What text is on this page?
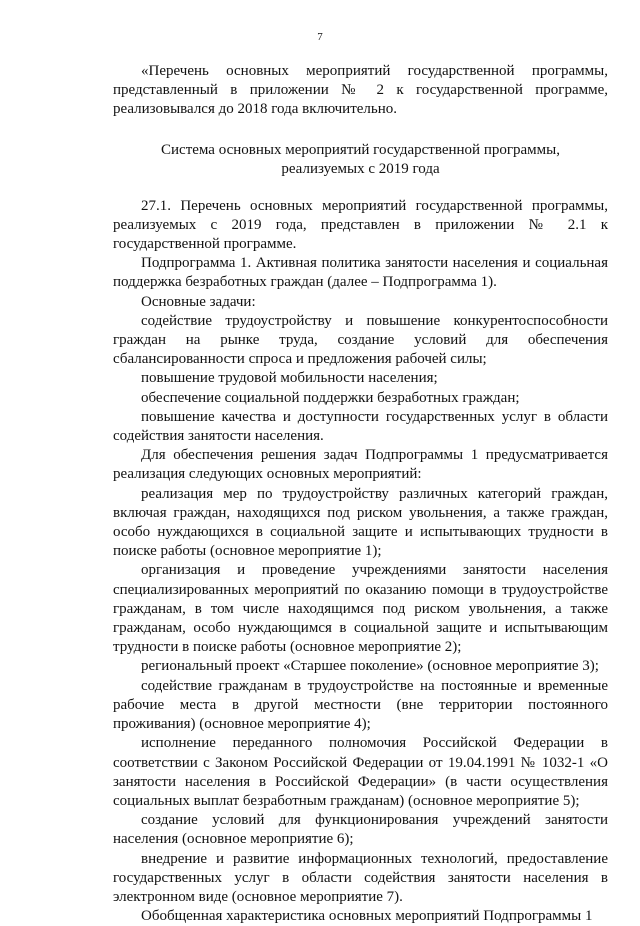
7

«Перечень основных мероприятий государственной программы, представленный в приложении № 2 к государственной программе, реализовывался до 2018 года включительно.

Система основных мероприятий государственной программы,
реализуемых с 2019 года

27.1. Перечень основных мероприятий государственной программы, реализуемых с 2019 года, представлен в приложении № 2.1 к государственной программе.

Подпрограмма 1. Активная политика занятости населения и социальная поддержка безработных граждан (далее – Подпрограмма 1).

Основные задачи:

содействие трудоустройству и повышение конкурентоспособности граждан на рынке труда, создание условий для обеспечения сбалансированности спроса и предложения рабочей силы;

повышение трудовой мобильности населения;

обеспечение социальной поддержки безработных граждан;

повышение качества и доступности государственных услуг в области содействия занятости населения.

Для обеспечения решения задач Подпрограммы 1 предусматривается реализация следующих основных мероприятий:

реализация мер по трудоустройству различных категорий граждан, включая граждан, находящихся под риском увольнения, а также граждан, особо нуждающихся в социальной защите и испытывающих трудности в поиске работы (основное мероприятие 1);

организация и проведение учреждениями занятости населения специализированных мероприятий по оказанию помощи в трудоустройстве гражданам, в том числе находящимся под риском увольнения, а также гражданам, особо нуждающимся в социальной защите и испытывающим трудности в поиске работы (основное мероприятие 2);

региональный проект «Старшее поколение» (основное мероприятие 3);

содействие гражданам в трудоустройстве на постоянные и временные рабочие места в другой местности (вне территории постоянного проживания) (основное мероприятие 4);

исполнение переданного полномочия Российской Федерации в соответствии с Законом Российской Федерации от 19.04.1991 № 1032-1 «О занятости населения в Российской Федерации» (в части осуществления социальных выплат безработным гражданам) (основное мероприятие 5);

создание условий для функционирования учреждений занятости населения (основное мероприятие 6);

внедрение и развитие информационных технологий, предоставление государственных услуг в области содействия занятости населения в электронном виде (основное мероприятие 7).

Обобщенная характеристика основных мероприятий Подпрограммы 1
